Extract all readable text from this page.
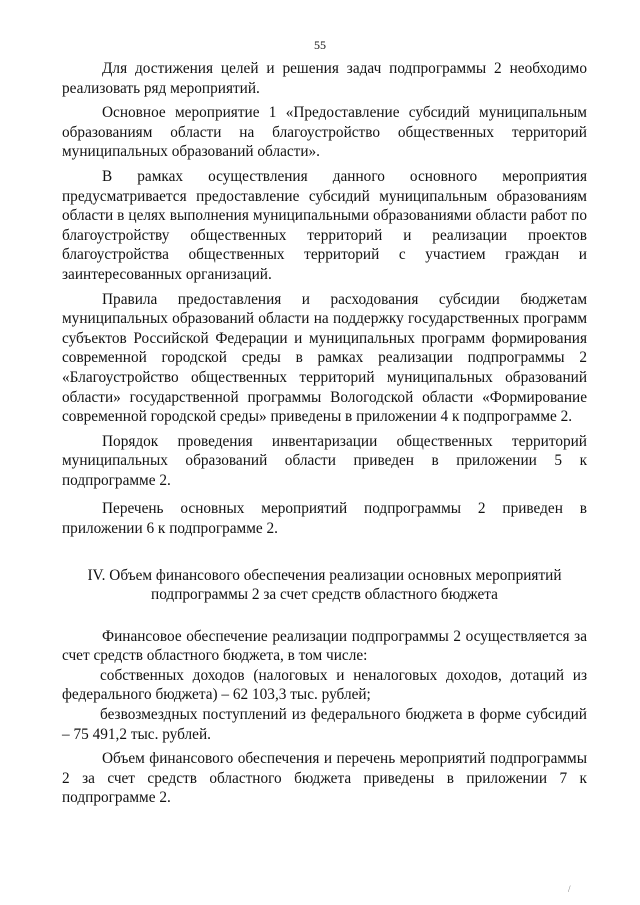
55

Для достижения целей и решения задач подпрограммы 2 необходимо реализовать ряд мероприятий.

Основное мероприятие 1 «Предоставление субсидий муниципальным образованиям области на благоустройство общественных территорий муниципальных образований области».

В рамках осуществления данного основного мероприятия предусматривается предоставление субсидий муниципальным образованиям области в целях выполнения муниципальными образованиями области работ по благоустройству общественных территорий и реализации проектов благоустройства общественных территорий с участием граждан и заинтересованных организаций.

Правила предоставления и расходования субсидии бюджетам муниципальных образований области на поддержку государственных программ субъектов Российской Федерации и муниципальных программ формирования современной городской среды в рамках реализации подпрограммы 2 «Благоустройство общественных территорий муниципальных образований области» государственной программы Вологодской области «Формирование современной городской среды» приведены в приложении 4 к подпрограмме 2.

Порядок проведения инвентаризации общественных территорий муниципальных образований области приведен в приложении 5 к подпрограмме 2.

Перечень основных мероприятий подпрограммы 2 приведен в приложении 6 к подпрограмме 2.

IV. Объем финансового обеспечения реализации основных мероприятий

подпрограммы 2 за счет средств областного бюджета

Финансовое обеспечение реализации подпрограммы 2 осуществляется за счет средств областного бюджета, в том числе:

собственных доходов (налоговых и неналоговых доходов, дотаций из федерального бюджета) – 62 103,3 тыс. рублей;

безвозмездных поступлений из федерального бюджета в форме субсидий – 75 491,2 тыс. рублей.

Объем финансового обеспечения и перечень мероприятий подпрограммы 2 за счет средств областного бюджета приведены в приложении 7 к подпрограмме 2.

/
